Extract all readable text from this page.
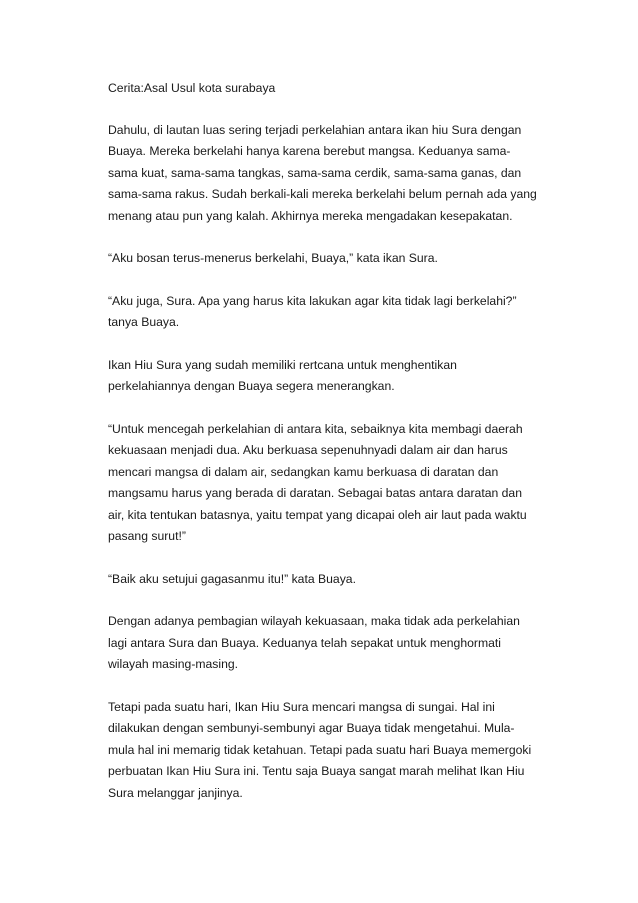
Cerita:Asal Usul kota surabaya
Dahulu, di lautan luas sering terjadi perkelahian antara ikan hiu Sura dengan
Buaya. Mereka berkelahi hanya karena berebut mangsa. Keduanya sama-
sama kuat, sama-sama tangkas, sama-sama cerdik, sama-sama ganas, dan
sama-sama rakus. Sudah berkali-kali mereka berkelahi belum pernah ada yang
menang atau pun yang kalah. Akhirnya mereka mengadakan kesepakatan.
“Aku bosan terus-menerus berkelahi, Buaya,” kata ikan Sura.
“Aku juga, Sura. Apa yang harus kita lakukan agar kita tidak lagi berkelahi?”
tanya Buaya.
Ikan Hiu Sura yang sudah memiliki rertcana untuk menghentikan
perkelahiannya dengan Buaya segera menerangkan.
“Untuk mencegah perkelahian di antara kita, sebaiknya kita membagi daerah
kekuasaan menjadi dua. Aku berkuasa sepenuhnyadi dalam air dan harus
mencari mangsa di dalam air, sedangkan kamu berkuasa di daratan dan
mangsamu harus yang berada di daratan. Sebagai batas antara daratan dan
air, kita tentukan batasnya, yaitu tempat yang dicapai oleh air laut pada waktu
pasang surut!”
“Baik aku setujui gagasanmu itu!” kata Buaya.
Dengan adanya pembagian wilayah kekuasaan, maka tidak ada perkelahian
lagi antara Sura dan Buaya. Keduanya telah sepakat untuk menghormati
wilayah masing-masing.
Tetapi pada suatu hari, Ikan Hiu Sura mencari mangsa di sungai. Hal ini
dilakukan dengan sembunyi-sembunyi agar Buaya tidak mengetahui. Mula-
mula hal ini memarig tidak ketahuan. Tetapi pada suatu hari Buaya memergoki
perbuatan Ikan Hiu Sura ini. Tentu saja Buaya sangat marah melihat Ikan Hiu
Sura melanggar janjinya.
